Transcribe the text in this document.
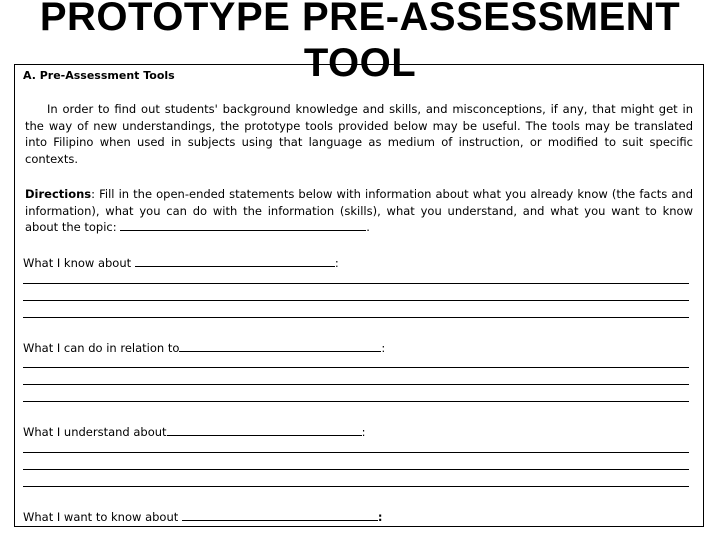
PROTOTYPE PRE-ASSESSMENT
TOOL
A. Pre-Assessment Tools
In order to find out students' background knowledge and skills, and misconceptions, if any, that might get in the way of new understandings, the prototype tools provided below may be useful. The tools may be translated into Filipino when used in subjects using that language as medium of instruction, or modified to suit specific contexts.
Directions: Fill in the open-ended statements below with information about what you already know (the facts and information), what you can do with the information (skills), what you understand, and what you want to know about the topic:	.
What I know about	:
What I can do in relation to	:
What I understand about	:
What I want to know about	:
